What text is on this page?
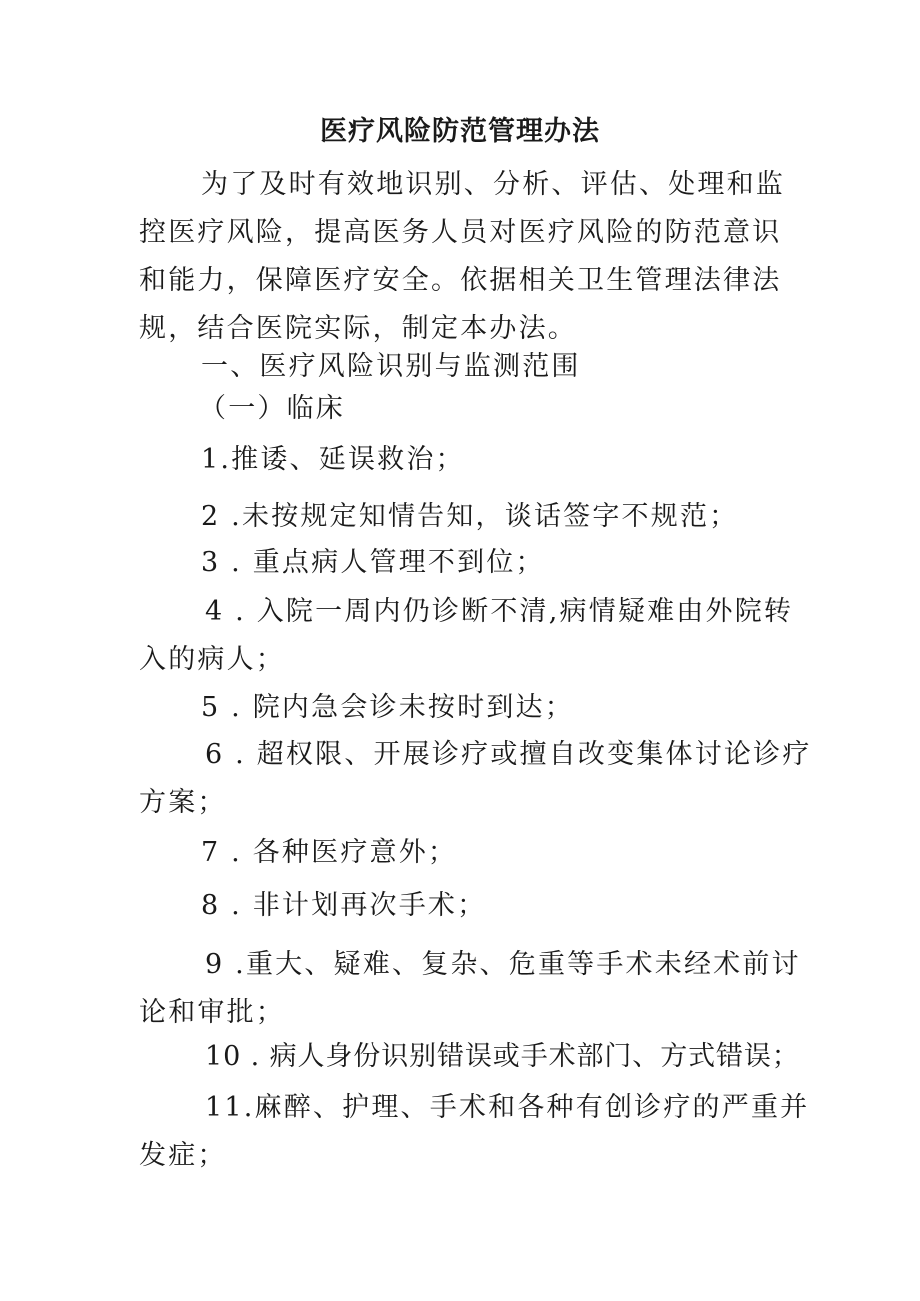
医疗风险防范管理办法
为了及时有效地识别、分析、评估、处理和监
控医疗风险，提高医务人员对医疗风险的防范意识
和能力，保障医疗安全。依据相关卫生管理法律法
规，结合医院实际，制定本办法。
一、医疗风险识别与监测范围
（一）临床
1.推诿、延误救治；
2 .未按规定知情告知，谈话签字不规范；
3 . 重点病人管理不到位；
4 . 入院一周内仍诊断不清,病情疑难由外院转
入的病人；
5 . 院内急会诊未按时到达；
6 . 超权限、开展诊疗或擅自改变集体讨论诊疗
方案；
7 . 各种医疗意外；
8 . 非计划再次手术；
9 .重大、疑难、复杂、危重等手术未经术前讨
论和审批；
10 . 病人身份识别错误或手术部门、方式错误；
11.麻醉、护理、手术和各种有创诊疗的严重并
发症；
